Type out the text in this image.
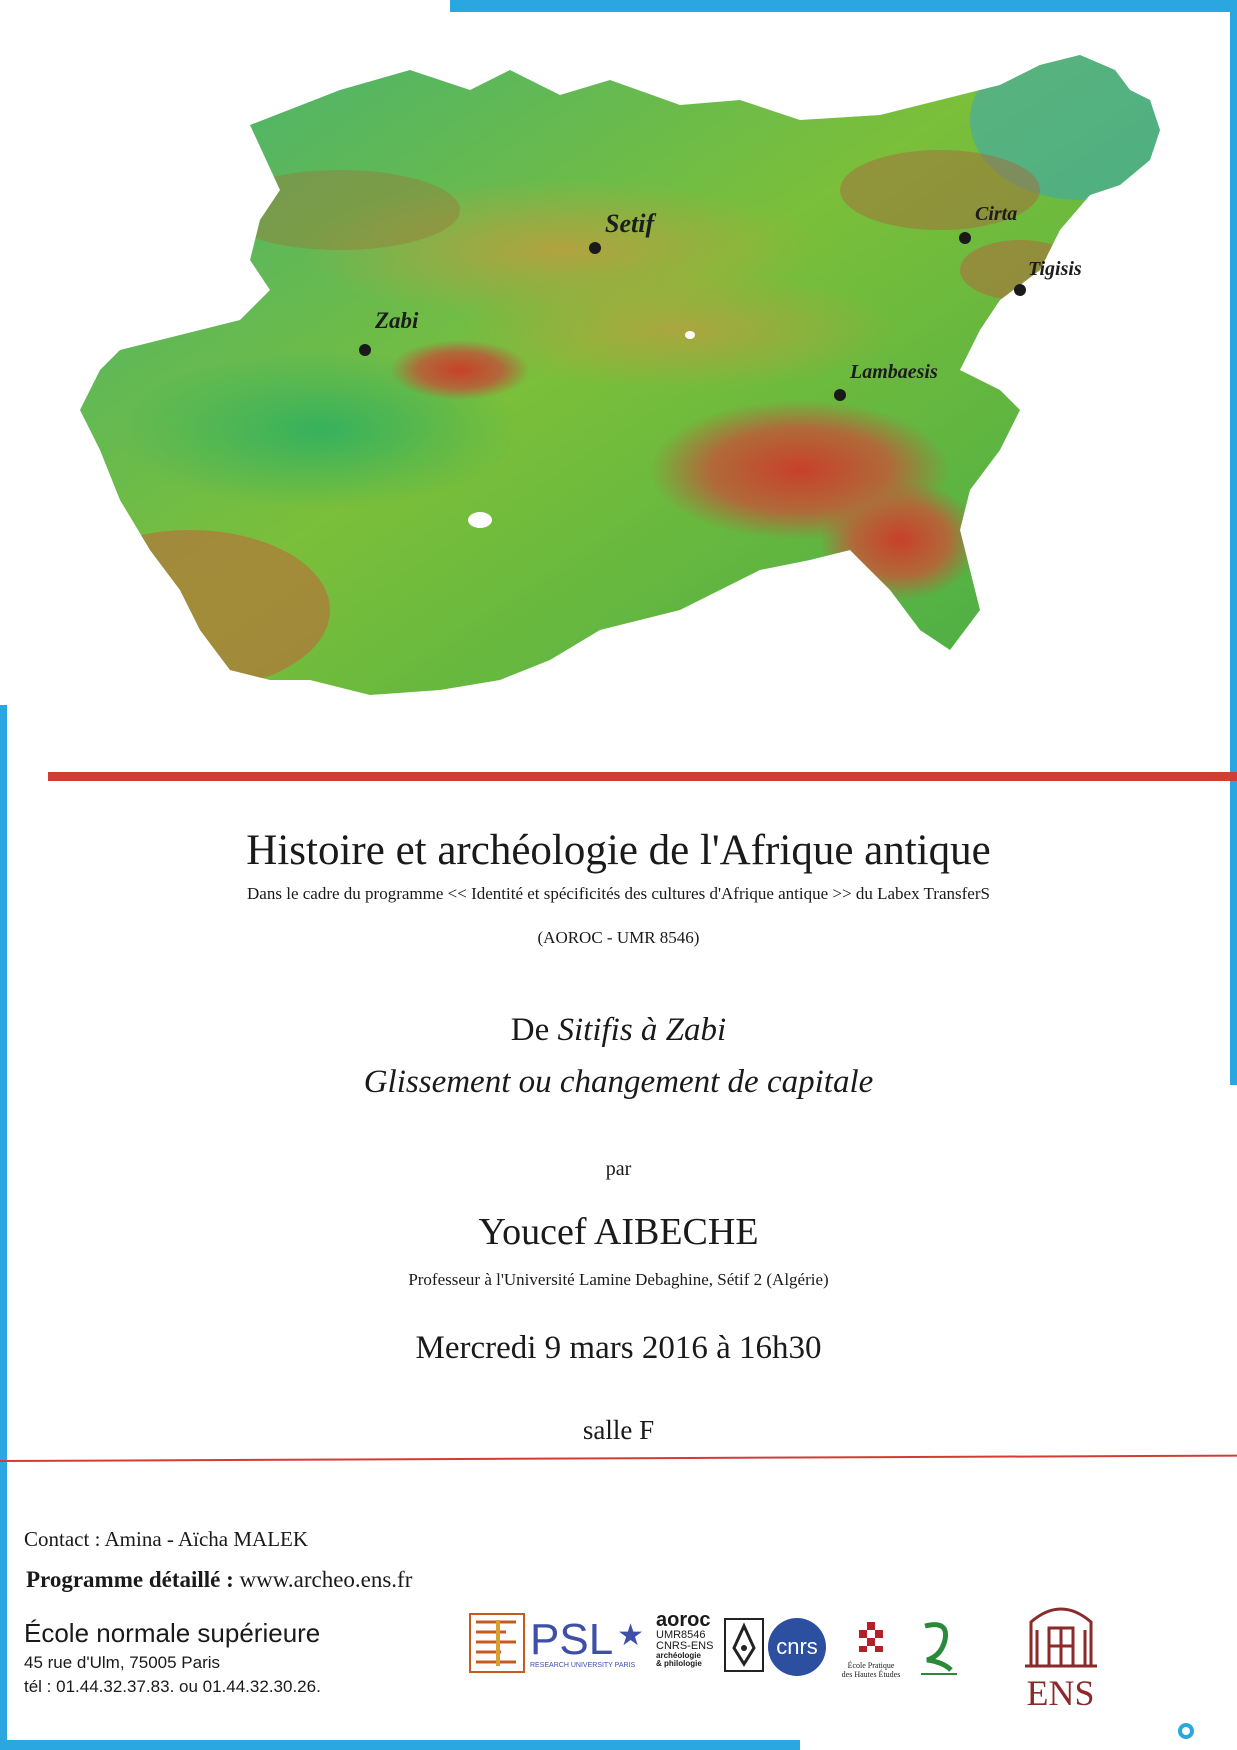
Setif
Zabi
Cirta
Tigisis
Lambaesis
Histoire et archéologie de l'Afrique antique
Dans le cadre du programme << Identité et spécificités des cultures d'Afrique antique >> du Labex TransferS
(AOROC - UMR 8546)
De Sitifis à Zabi
Glissement ou changement de capitale
par
Youcef AIBECHE
Professeur à l'Université Lamine Debaghine, Sétif 2 (Algérie)
Mercredi 9 mars 2016 à 16h30
salle F
Contact : Amina - Aïcha MALEK
Programme détaillé : www.archeo.ens.fr
École normale supérieure
45 rue d'Ulm, 75005 Paris
tél : 01.44.32.37.83. ou 01.44.32.30.26.
PSL ★
RESEARCH UNIVERSITY PARIS
aoroc
UMR8546
CNRS-ENS
archéologie
& philologie
cnrs
École Pratique
des Hautes Études	ENS
